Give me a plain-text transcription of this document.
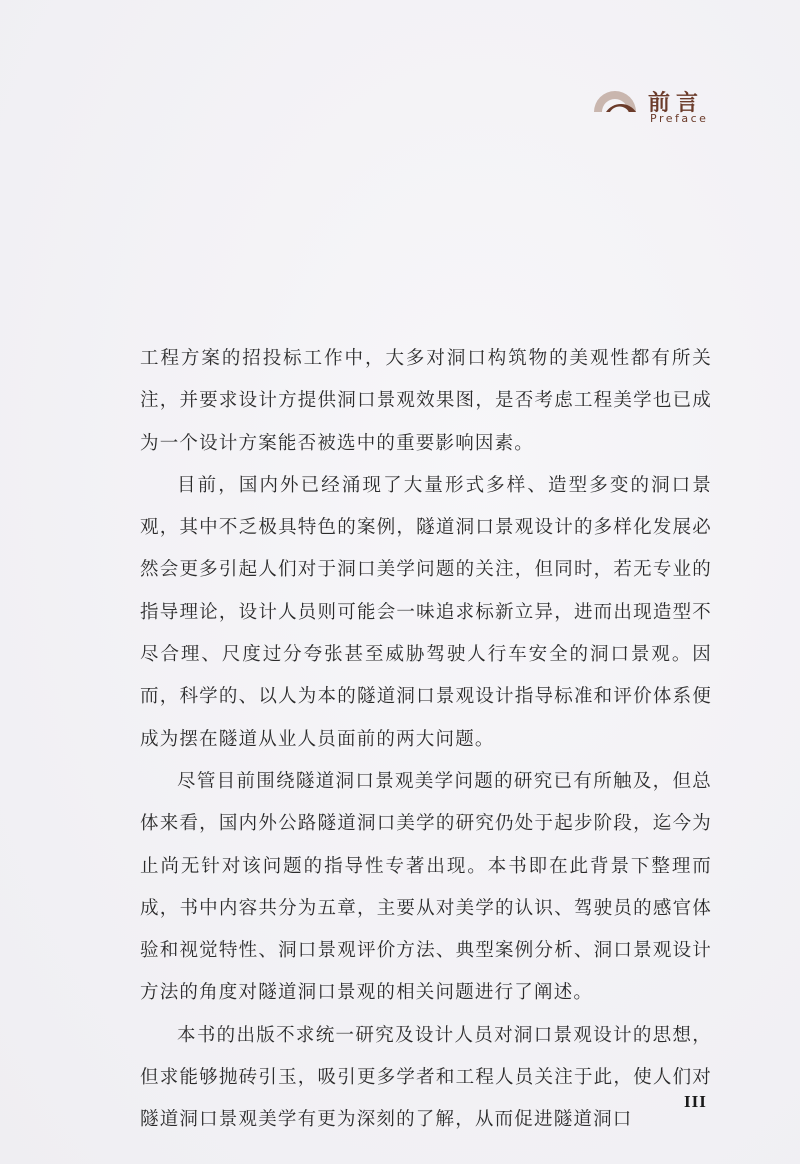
前言
Preface

工程方案的招投标工作中，大多对洞口构筑物的美观性都有所关注，并要求设计方提供洞口景观效果图，是否考虑工程美学也已成为一个设计方案能否被选中的重要影响因素。

目前，国内外已经涌现了大量形式多样、造型多变的洞口景观，其中不乏极具特色的案例，隧道洞口景观设计的多样化发展必然会更多引起人们对于洞口美学问题的关注，但同时，若无专业的指导理论，设计人员则可能会一味追求标新立异，进而出现造型不尽合理、尺度过分夸张甚至威胁驾驶人行车安全的洞口景观。因而，科学的、以人为本的隧道洞口景观设计指导标准和评价体系便成为摆在隧道从业人员面前的两大问题。

尽管目前围绕隧道洞口景观美学问题的研究已有所触及，但总体来看，国内外公路隧道洞口美学的研究仍处于起步阶段，迄今为止尚无针对该问题的指导性专著出现。本书即在此背景下整理而成，书中内容共分为五章，主要从对美学的认识、驾驶员的感官体验和视觉特性、洞口景观评价方法、典型案例分析、洞口景观设计方法的角度对隧道洞口景观的相关问题进行了阐述。

本书的出版不求统一研究及设计人员对洞口景观设计的思想，但求能够抛砖引玉，吸引更多学者和工程人员关注于此，使人们对隧道洞口景观美学有更为深刻的了解，从而促进隧道洞口

III
